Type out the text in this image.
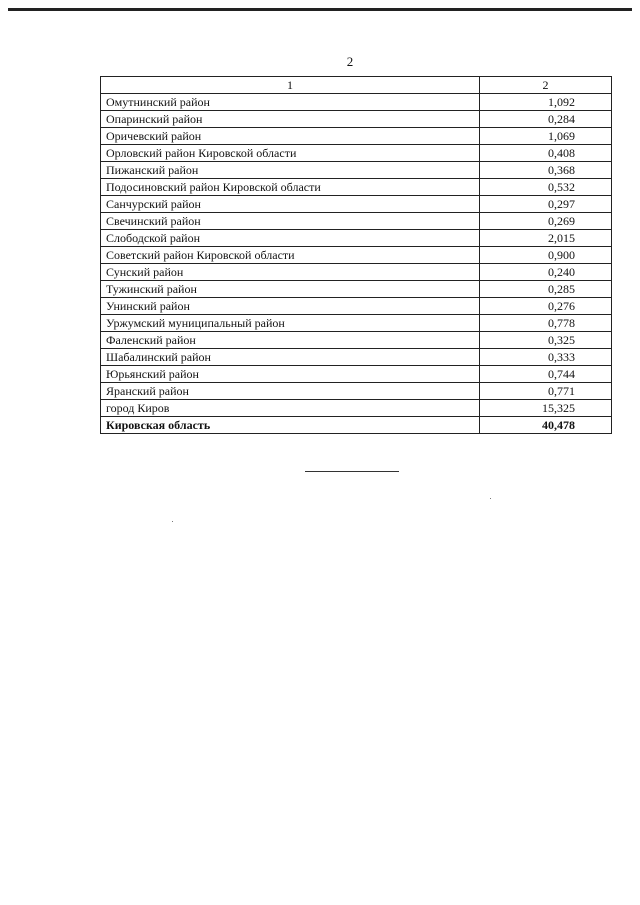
2
1	2
Омутнинский район	1,092
Опаринский район	0,284
Оричевский район	1,069
Орловский район Кировской области	0,408
Пижанский район	0,368
Подосиновский район Кировской области	0,532
Санчурский район	0,297
Свечинский район	0,269
Слободской район	2,015
Советский район Кировской области	0,900
Сунский район	0,240
Тужинский район	0,285
Унинский район	0,276
Уржумский муниципальный район	0,778
Фаленский район	0,325
Шабалинский район	0,333
Юрьянский район	0,744
Яранский район	0,771
город Киров	15,325
Кировская область	40,478
